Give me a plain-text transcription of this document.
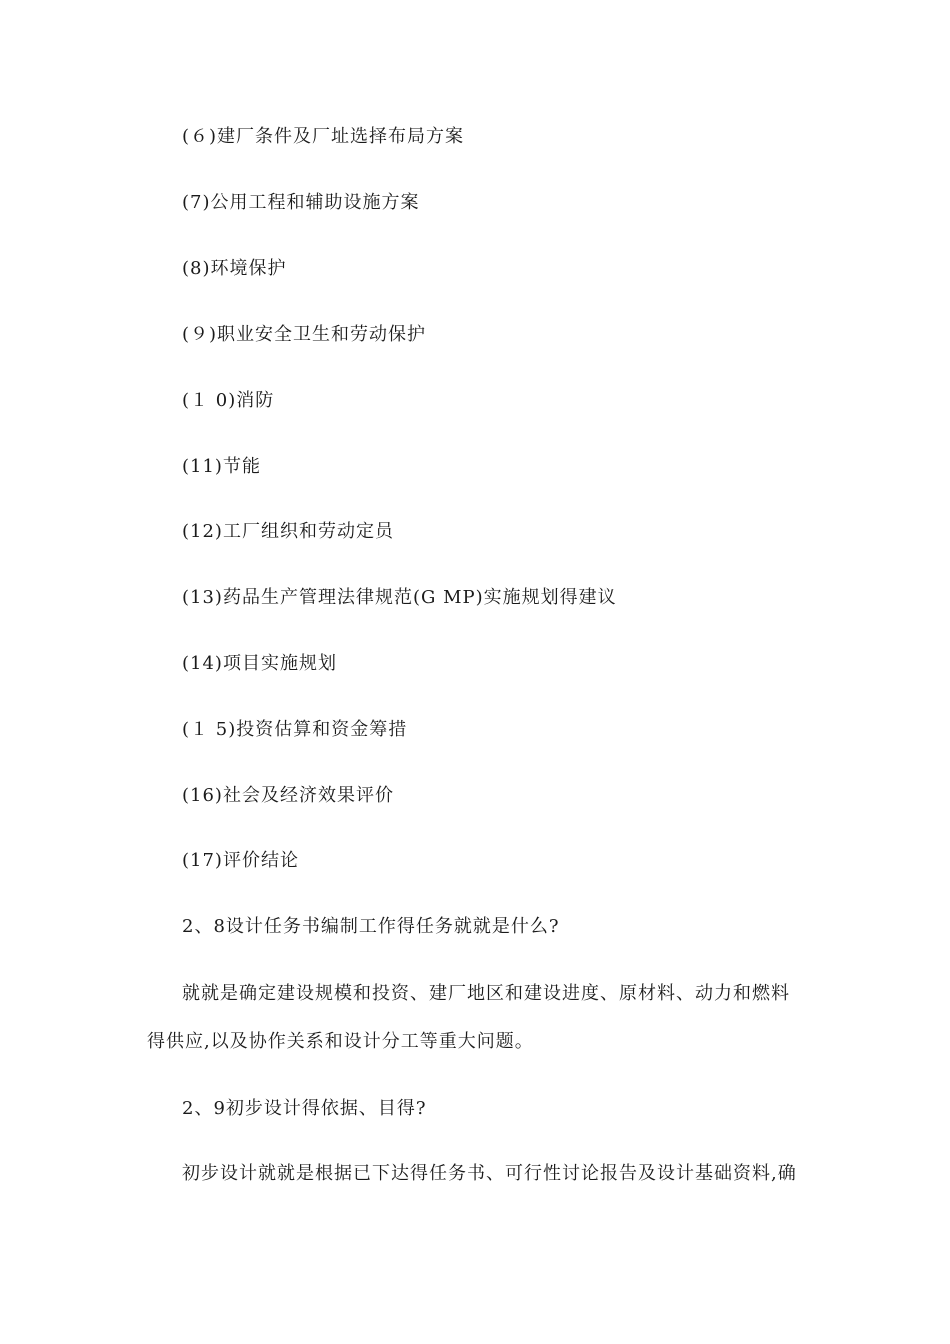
(６)建厂条件及厂址选择布局方案
(7)公用工程和辅助设施方案
(8)环境保护
(９)职业安全卫生和劳动保护
(１ 0)消防
(11)节能
(12)工厂组织和劳动定员
(13)药品生产管理法律规范(G MP)实施规划得建议
(14)项目实施规划
(１ 5)投资估算和资金筹措
(16)社会及经济效果评价
(17)评价结论
2、8设计任务书编制工作得任务就就是什么?
就就是确定建设规模和投资、建厂地区和建设进度、原材料、动力和燃料
得供应,以及协作关系和设计分工等重大问题。
2、9初步设计得依据、目得?
初步设计就就是根据已下达得任务书、可行性讨论报告及设计基础资料,确
